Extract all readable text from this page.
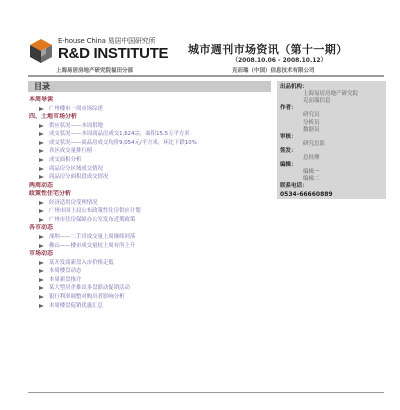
E-house China 易居中国研究所
R&D INSTITUTE 城市週刊市场资讯（第十一期）
（2008.10.06 - 2008.10.12）
上海易居房地产研究院福田分部	克而瑞（中国）信息技术有限公司
目录
本周导读
广州楼市一周市场综述
四、土地市场分析
供应状况——本周供地
成交状况——本周商品房成交1,624宗，面积15.5万平方米
成交状况——商品房成交均价9,054元/平方米，环比下跌10%
各区成交量排行榜
成交面积分析
商品房分区域成交情况
商品房分面积段成交情况
两周动态
政策性住宅分析
经济适用房受理情况
广州市国土局公布政策性住房供应计划
广州市住房保障办公室发布近期政策
各市动态
深圳——二手房成交量上周继续回落
佛山——楼市成交量较上周有所上升
市场动态
某开发商新盘入市价格走低
本周楼盘动态
本周新盘推介
某大型房企推出多盘联动促销活动
银行利率调整对购房者影响分析
本周楼盘促销优惠汇总
出品机构：
上海易居房地产研究院
克而瑞信息
作者：
研究员
分析员
数据员
审核：
研究总监
签发：
总经理
编辑：
编辑一
编辑二
联系电话：
0534-66660889
